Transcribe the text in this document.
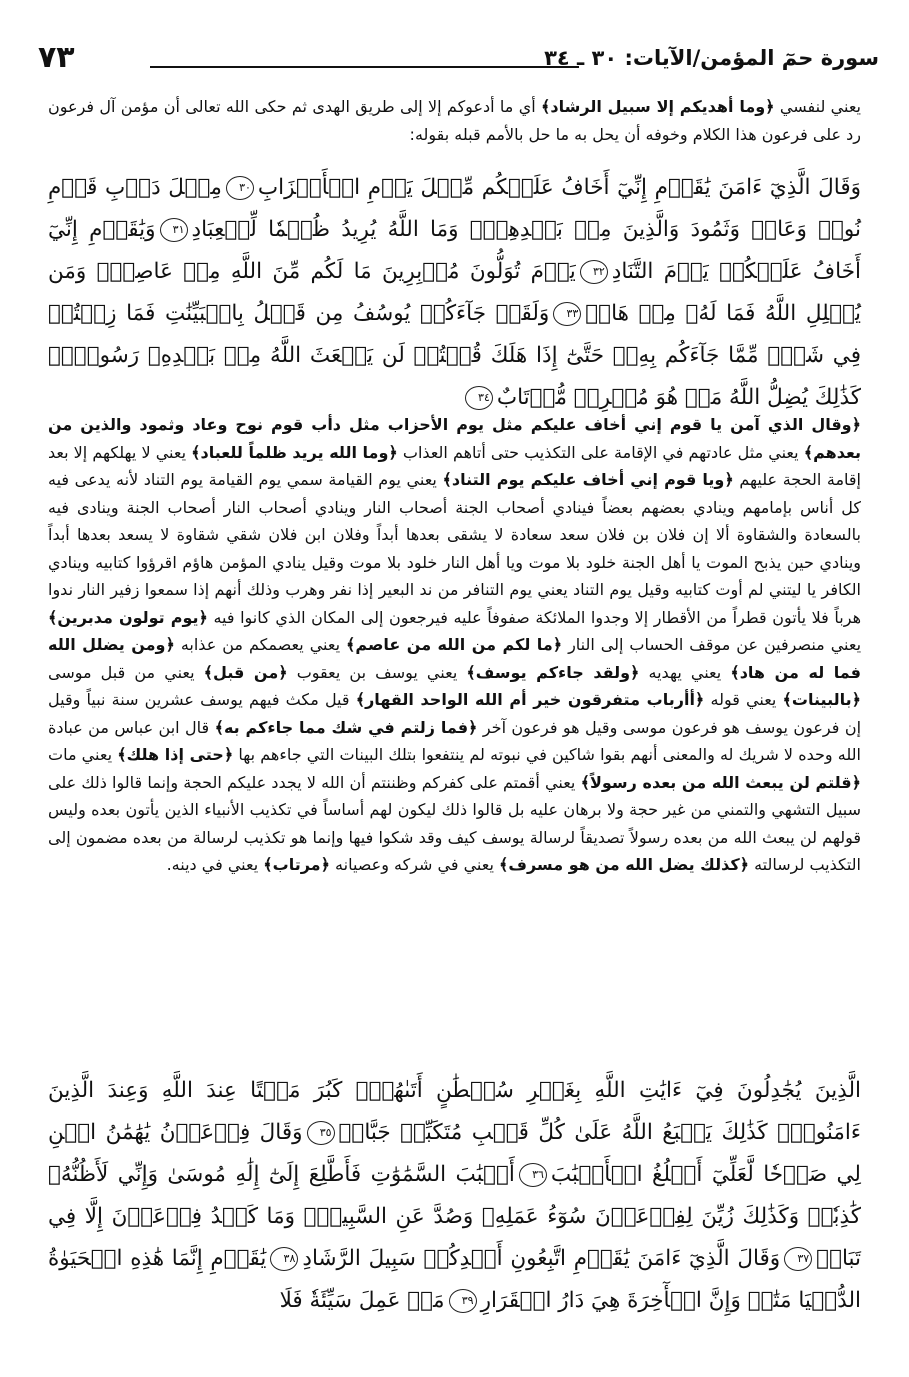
سورة حمٓ المؤمن/الآيات: ٣٠ ـ ٣٤
٧٣

يعني لنفسي ﴿وما أهديكم إلا سبيل الرشاد﴾ أي ما أدعوكم إلا إلى طريق الهدى ثم حكى الله تعالى أن مؤمن آل فرعون رد على فرعون هذا الكلام وخوفه أن يحل به ما حل بالأمم قبله بقوله:

وَقَالَ الَّذِيٓ ءَامَنَ يَٰقَوۡمِ إِنِّيٓ أَخَافُ عَلَيۡكُم مِّثۡلَ يَوۡمِ الۡأَحۡزَابِ٣٠مِثۡلَ دَأۡبِ قَوۡمِ نُوحٖ وَعَادٖ وَثَمُودَ وَالَّذِينَ مِنۢ بَعۡدِهِمۡۚ وَمَا اللَّهُ يُرِيدُ ظُلۡمٗا لِّلۡعِبَادِ٣١وَيَٰقَوۡمِ إِنِّيٓ أَخَافُ عَلَيۡكُمۡ يَوۡمَ التَّنَادِ٣٢يَوۡمَ تُوَلُّونَ مُدۡبِرِينَ مَا لَكُم مِّنَ اللَّهِ مِنۡ عَاصِمٖۗ وَمَن يُضۡلِلِ اللَّهُ فَمَا لَهُۥ مِنۡ هَادٖ٣٣وَلَقَدۡ جَآءَكُمۡ يُوسُفُ مِن قَبۡلُ بِالۡبَيِّنَٰتِ فَمَا زِلۡتُمۡ فِي شَكّٖ مِّمَّا جَآءَكُم بِهِۦۖ حَتَّىٰٓ إِذَا هَلَكَ قُلۡتُمۡ لَن يَبۡعَثَ اللَّهُ مِنۢ بَعۡدِهِۦ رَسُولٗاۚ كَذَٰلِكَ يُضِلُّ اللَّهُ مَنۡ هُوَ مُسۡرِفٞ مُّرۡتَابٌ٣٤

﴿وقال الذي آمن يا قوم إني أخاف عليكم مثل يوم الأحزاب مثل دأب قوم نوح وعاد وثمود والذين من بعدهم﴾ يعني مثل عادتهم في الإقامة على التكذيب حتى أتاهم العذاب ﴿وما الله يريد ظلماً للعباد﴾ يعني لا يهلكهم إلا بعد إقامة الحجة عليهم ﴿ويا قوم إني أخاف عليكم يوم التناد﴾ يعني يوم القيامة سمي يوم القيامة يوم التناد لأنه يدعى فيه كل أناس بإمامهم وينادي بعضهم بعضاً فينادي أصحاب الجنة أصحاب النار وينادي أصحاب النار أصحاب الجنة وينادى فيه بالسعادة والشقاوة ألا إن فلان بن فلان سعد سعادة لا يشقى بعدها أبداً وفلان ابن فلان شقي شقاوة لا يسعد بعدها أبداً وينادي حين يذبح الموت يا أهل الجنة خلود بلا موت ويا أهل النار خلود بلا موت وقيل ينادي المؤمن هاؤم اقرؤوا كتابيه وينادي الكافر يا ليتني لم أوت كتابيه وقيل يوم التناد يعني يوم التنافر من ند البعير إذا نفر وهرب وذلك أنهم إذا سمعوا زفير النار ندوا هرباً فلا يأتون قطراً من الأقطار إلا وجدوا الملائكة صفوفاً عليه فيرجعون إلى المكان الذي كانوا فيه ﴿يوم تولون مدبرين﴾ يعني منصرفين عن موقف الحساب إلى النار ﴿ما لكم من الله من عاصم﴾ يعني يعصمكم من عذابه ﴿ومن يضلل الله فما له من هاد﴾ يعني يهديه ﴿ولقد جاءكم يوسف﴾ يعني يوسف بن يعقوب ﴿من قبل﴾ يعني من قبل موسى ﴿بالبينات﴾ يعني قوله ﴿أأرباب متفرقون خير أم الله الواحد القهار﴾ قيل مكث فيهم يوسف عشرين سنة نبياً وقيل إن فرعون يوسف هو فرعون موسى وقيل هو فرعون آخر ﴿فما زلتم في شك مما جاءكم به﴾ قال ابن عباس من عبادة الله وحده لا شريك له والمعنى أنهم بقوا شاكين في نبوته لم ينتفعوا بتلك البينات التي جاءهم بها ﴿حتى إذا هلك﴾ يعني مات ﴿قلتم لن يبعث الله من بعده رسولاً﴾ يعني أقمتم على كفركم وظننتم أن الله لا يجدد عليكم الحجة وإنما قالوا ذلك على سبيل التشهي والتمني من غير حجة ولا برهان عليه بل قالوا ذلك ليكون لهم أساساً في تكذيب الأنبياء الذين يأتون بعده وليس قولهم لن يبعث الله من بعده رسولاً تصديقاً لرسالة يوسف كيف وقد شكوا فيها وإنما هو تكذيب لرسالة من بعده مضمون إلى التكذيب لرسالته ﴿كذلك يضل الله من هو مسرف﴾ يعني في شركه وعصيانه ﴿مرتاب﴾ يعني في دينه.

الَّذِينَ يُجَٰدِلُونَ فِيٓ ءَايَٰتِ اللَّهِ بِغَيۡرِ سُلۡطَٰنٍ أَتَىٰهُمۡۖ كَبُرَ مَقۡتًا عِندَ اللَّهِ وَعِندَ الَّذِينَ ءَامَنُواْۚ كَذَٰلِكَ يَطۡبَعُ اللَّهُ عَلَىٰ كُلِّ قَلۡبِ مُتَكَبِّرٖ جَبَّارٖ٣٥وَقَالَ فِرۡعَوۡنُ يَٰهَٰمَٰنُ ابۡنِ لِي صَرۡحٗا لَّعَلِّيٓ أَبۡلُغُ الۡأَسۡبَٰبَ٣٦أَسۡبَٰبَ السَّمَٰوَٰتِ فَأَطَّلِعَ إِلَىٰٓ إِلَٰهِ مُوسَىٰ وَإِنِّي لَأَظُنُّهُۥ كَٰذِبٗاۚ وَكَذَٰلِكَ زُيِّنَ لِفِرۡعَوۡنَ سُوٓءُ عَمَلِهِۦ وَصُدَّ عَنِ السَّبِيلِۚ وَمَا كَيۡدُ فِرۡعَوۡنَ إِلَّا فِي تَبَابٖ٣٧وَقَالَ الَّذِيٓ ءَامَنَ يَٰقَوۡمِ اتَّبِعُونِ أَهۡدِكُمۡ سَبِيلَ الرَّشَادِ٣٨يَٰقَوۡمِ إِنَّمَا هَٰذِهِ الۡحَيَوٰةُ الدُّنۡيَا مَتَٰعٞ وَإِنَّ الۡأٓخِرَةَ هِيَ دَارُ الۡقَرَارِ٣٩مَنۡ عَمِلَ سَيِّئَةٗ فَلَا
